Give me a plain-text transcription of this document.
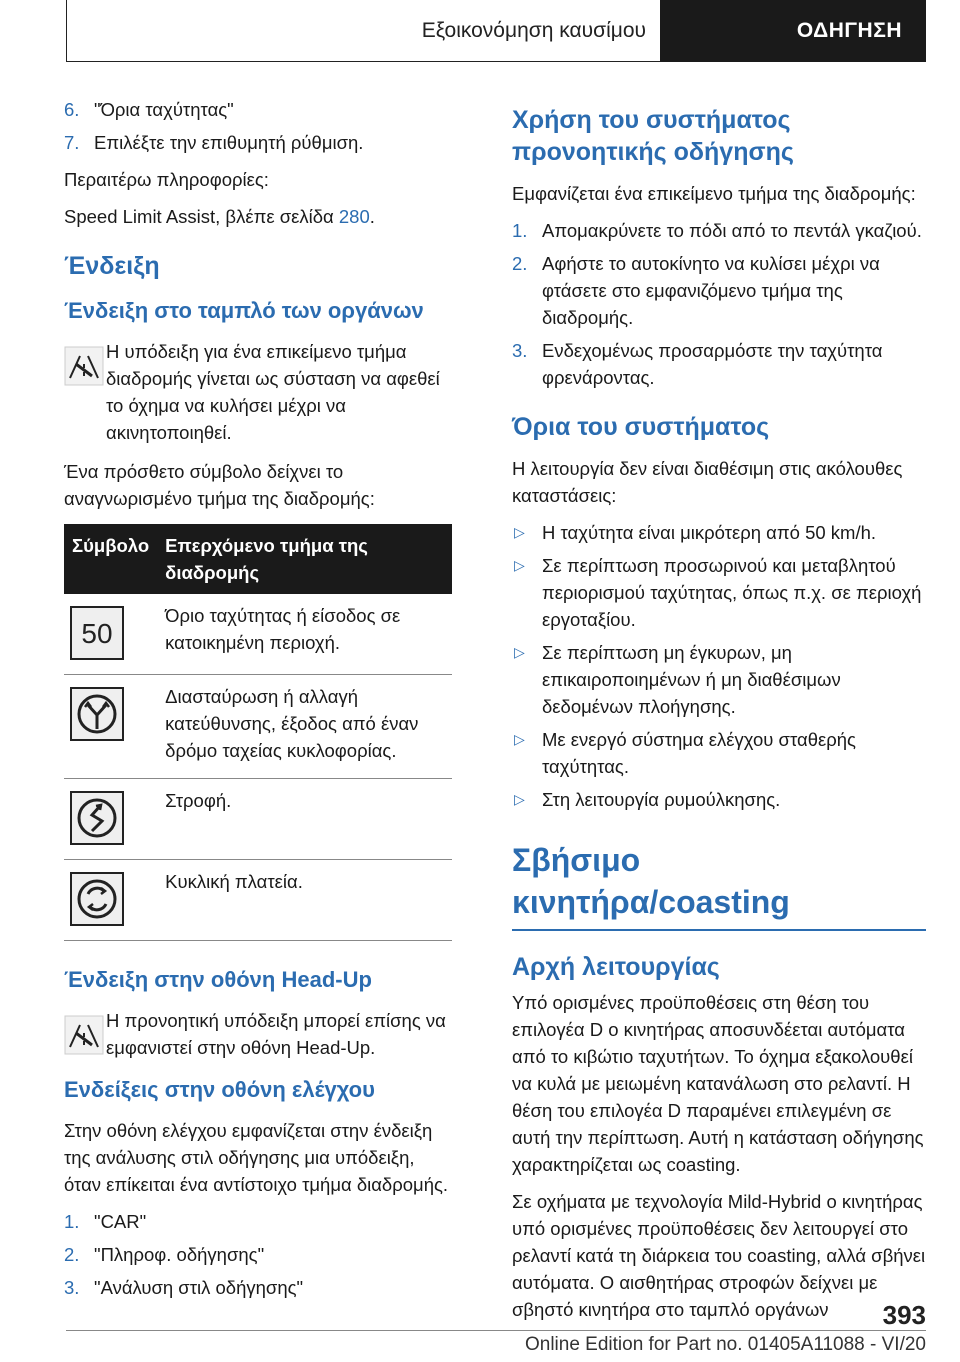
Εξοικονόμηση καυσίμου	ΟΔΗΓΗΣΗ
6. "Όρια ταχύτητας"
7. Επιλέξτε την επιθυμητή ρύθμιση.

Περαιτέρω πληροφορίες:

Speed Limit Assist, βλέπε σελίδα 280.

Ένδειξη
Ένδειξη στο ταμπλό των οργάνων

Η υπόδειξη για ένα επικείμενο τμήμα διαδρομής γίνεται ως σύσταση να αφεθεί το όχημα να κυλήσει μέχρι να ακινητοποιηθεί.

Ένα πρόσθετο σύμβολο δείχνει το αναγνωρισμένο τμήμα της διαδρομής:

Σύμβολο	Επερχόμενο τμήμα της διαδρομής

50	Όριο ταχύτητας ή είσοδος σε κατοικημένη περιοχή.

	Διασταύρωση ή αλλαγή κατεύθυνσης, έξοδος από έναν δρόμο ταχείας κυκλοφορίας.

	Στροφή.

	Κυκλική πλατεία.
Ένδειξη στην οθόνη Head-Up

Η προνοητική υπόδειξη μπορεί επίσης να εμφανιστεί στην οθόνη Head-Up.

Ενδείξεις στην οθόνη ελέγχου

Στην οθόνη ελέγχου εμφανίζεται στην ένδειξη της ανάλυσης στιλ οδήγησης μια υπόδειξη, όταν επίκειται ένα αντίστοιχο τμήμα διαδρομής.

1. "CAR"
2. "Πληροφ. οδήγησης"
3. "Ανάλυση στιλ οδήγησης"
Χρήση του συστήματος προνοητικής οδήγησης

Εμφανίζεται ένα επικείμενο τμήμα της διαδρομής:

1. Απομακρύνετε το πόδι από το πεντάλ γκαζιού.
2. Αφήστε το αυτοκίνητο να κυλίσει μέχρι να φτάσετε στο εμφανιζόμενο τμήμα της διαδρομής.
3. Ενδεχομένως προσαρμόστε την ταχύτητα φρενάροντας.
Όρια του συστήματος

Η λειτουργία δεν είναι διαθέσιμη στις ακόλουθες καταστάσεις:

▷ Η ταχύτητα είναι μικρότερη από 50 km/h.
▷ Σε περίπτωση προσωρινού και μεταβλητού περιορισμού ταχύτητας, όπως π.χ. σε περιοχή εργοταξίου.
▷ Σε περίπτωση μη έγκυρων, μη επικαιροποιημένων ή μη διαθέσιμων δεδομένων πλοήγησης.
▷ Με ενεργό σύστημα ελέγχου σταθερής ταχύτητας.
▷ Στη λειτουργία ρυμούλκησης.
Σβήσιμο κινητήρα/coasting
Αρχή λειτουργίας

Υπό ορισμένες προϋποθέσεις στη θέση του επιλογέα D ο κινητήρας αποσυνδέεται αυτόματα από το κιβώτιο ταχυτήτων. Το όχημα εξακολουθεί να κυλά με μειωμένη κατανάλωση στο ρελαντί. Η θέση του επιλογέα D παραμένει επιλεγμένη σε αυτή την περίπτωση. Αυτή η κατάσταση οδήγησης χαρακτηρίζεται ως coasting.

Σε οχήματα με τεχνολογία Mild-Hybrid ο κινητήρας υπό ορισμένες προϋποθέσεις δεν λειτουργεί στο ρελαντί κατά τη διάρκεια του coasting, αλλά σβήνει αυτόματα. Ο αισθητήρας στροφών δείχνει με σβηστό κινητήρα στο ταμπλό οργάνων	393
Online Edition for Part no. 01405A11088 - VI/20
